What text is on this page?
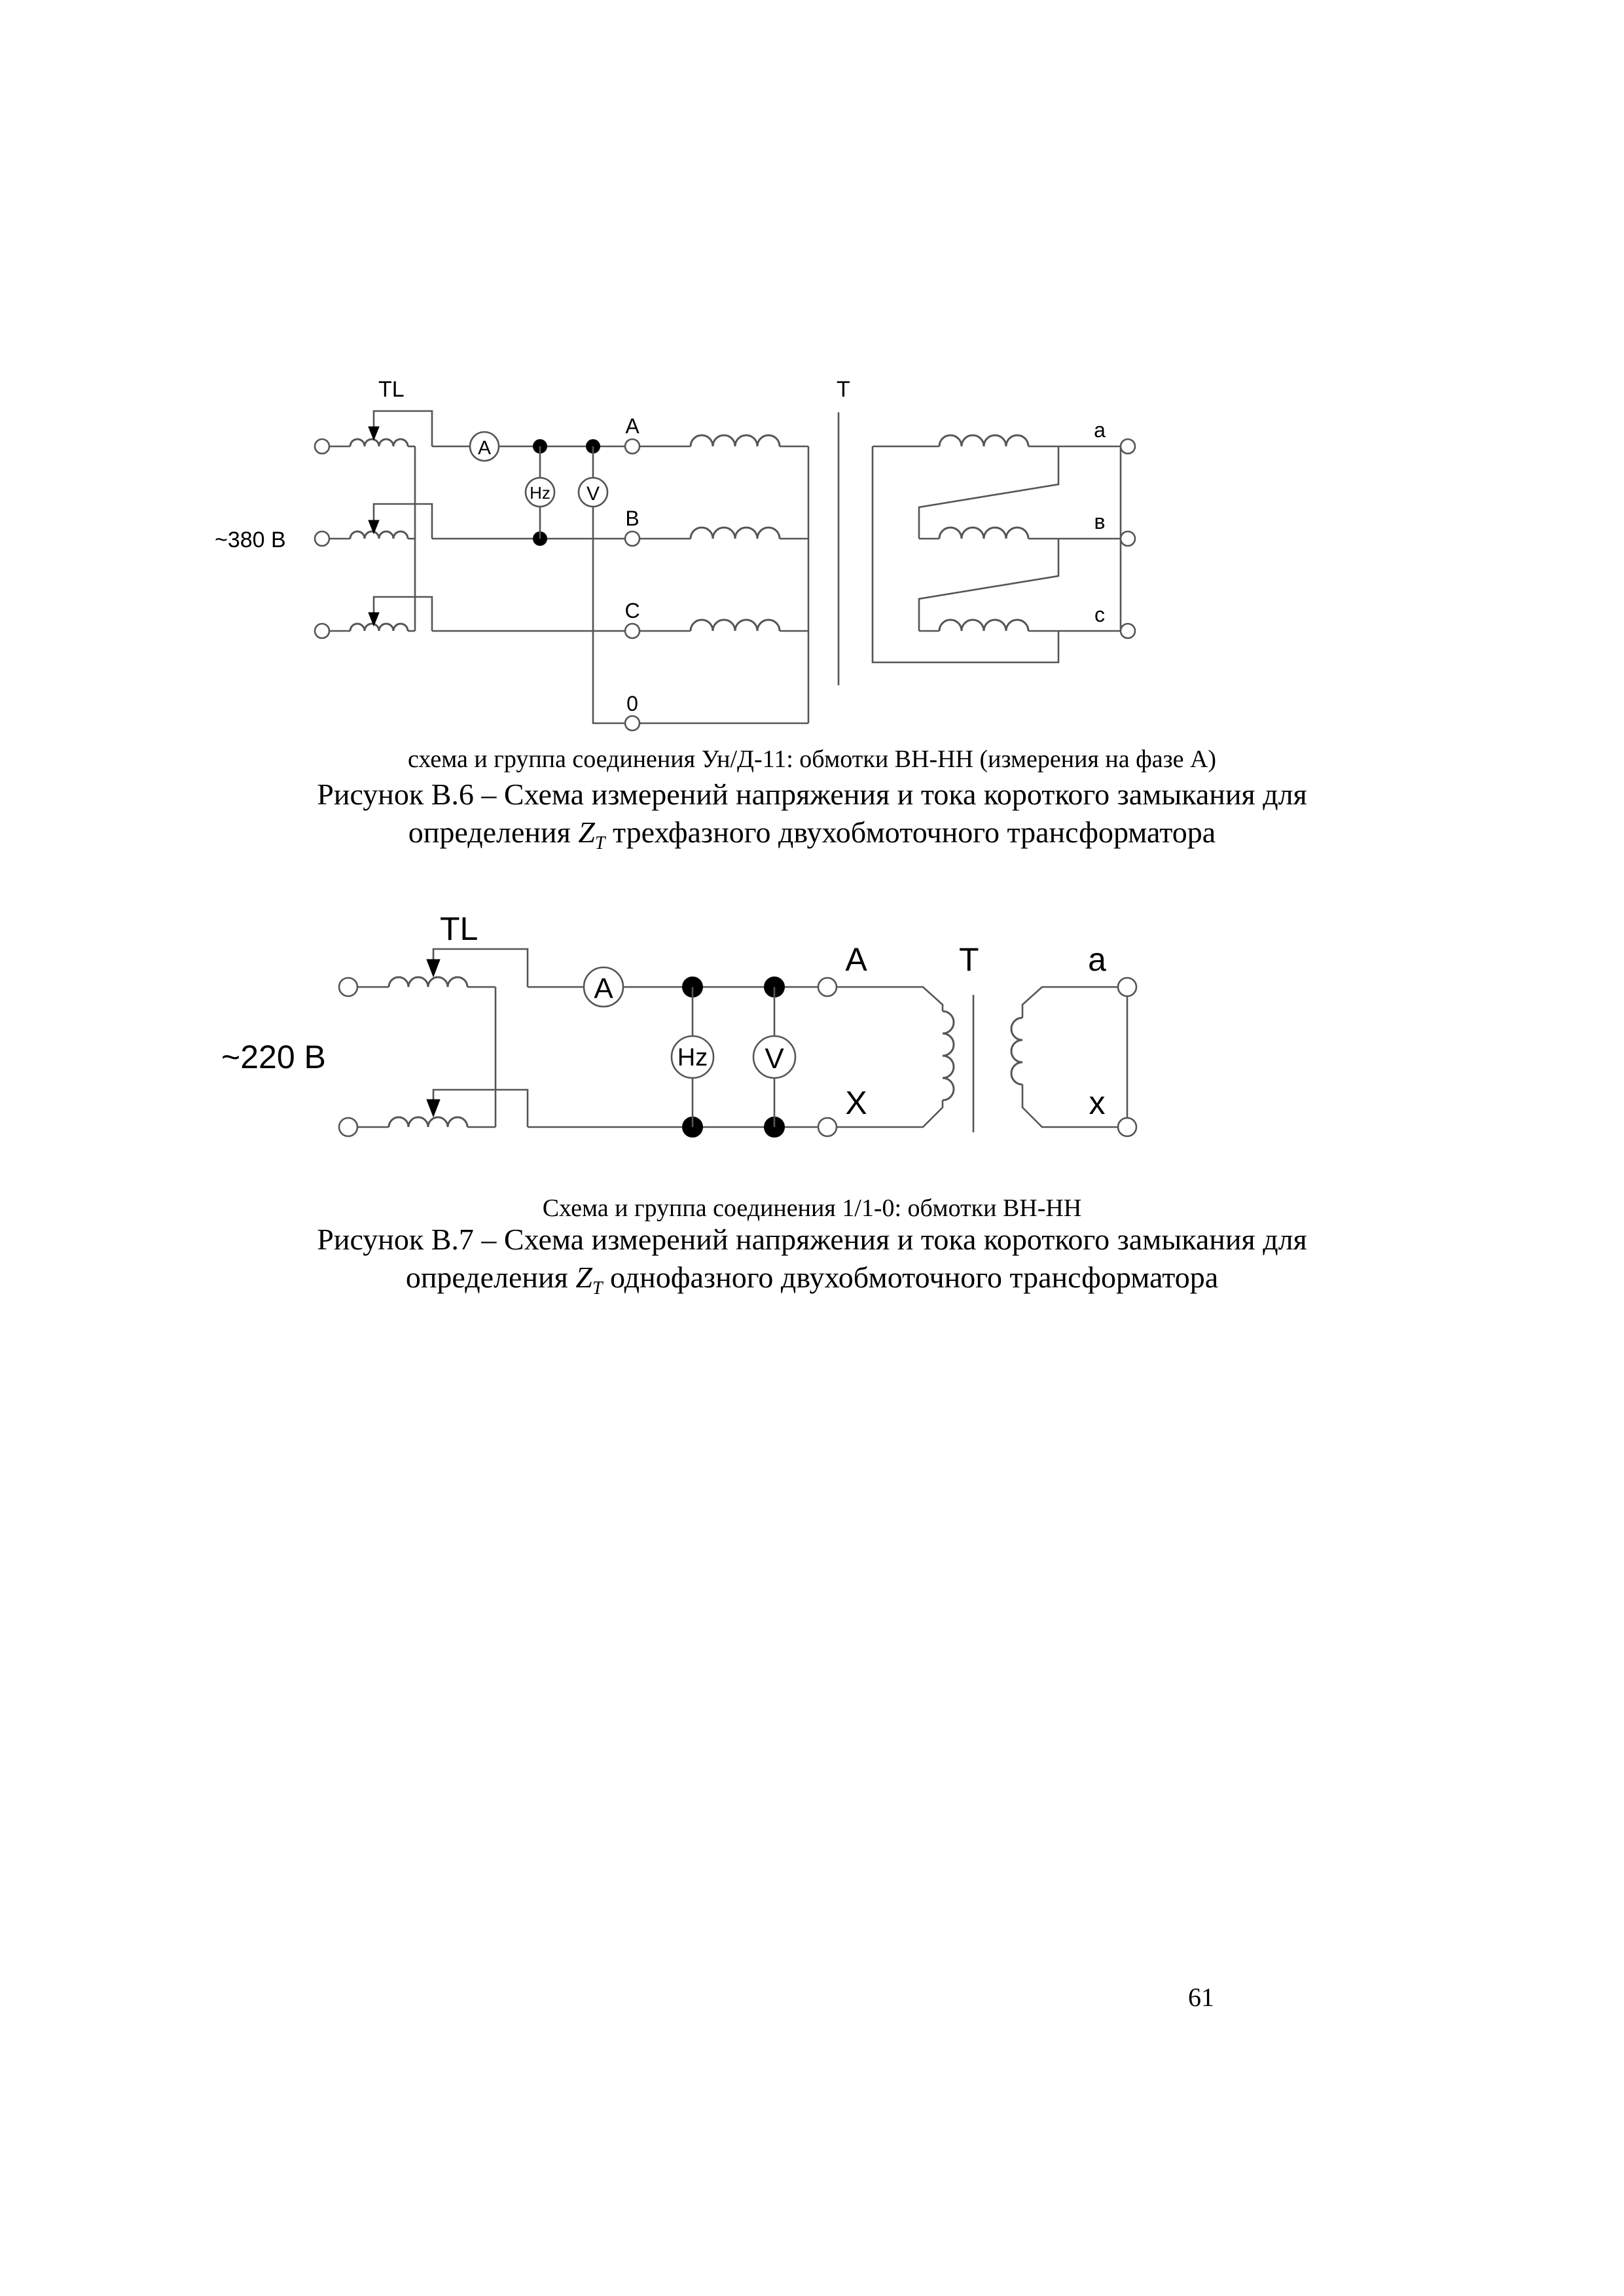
TL	T
~380 В
A
Hz V
A
B
C
0
a
в
c
схема и группа соединения Ун/Д-11: обмотки ВН-НН (измерения на фазе А)
Рисунок В.6 – Схема измерений напряжения и тока короткого замыкания для
определения $Z_T$ трехфазного двухобмоточного трансформатора
TL
~220 В
T
A
Hz V
A
X
a
x
Схема и группа соединения 1/1-0: обмотки ВН-НН
Рисунок В.7 – Схема измерений напряжения и тока короткого замыкания для
определения $Z_T$ однофазного двухобмоточного трансформатора
61
